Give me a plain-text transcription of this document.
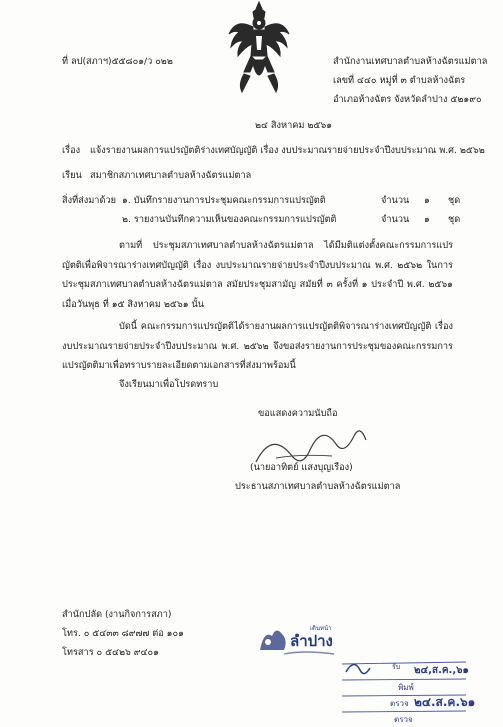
ที่ ลป(สภาฯ)๕๕๘๐๑/ว ๐๒๒	สำนักงานเทศบาลตำบลห้างฉัตรแม่ตาล
เลขที่ ๔๔๐ หมู่ที่ ๓ ตำบลห้างฉัตร
อำเภอห้างฉัตร จังหวัดลำปาง ๕๒๑๙๐
๒๔ สิงหาคม ๒๕๖๑
เรื่อง แจ้งรายงานผลการแปรญัตติร่างเทศบัญญัติ เรื่อง งบประมาณรายจ่ายประจำปีงบประมาณ พ.ศ. ๒๕๖๒
เรียน สมาชิกสภาเทศบาลตำบลห้างฉัตรแม่ตาล
สิ่งที่ส่งมาด้วย ๑. บันทึกรายงานการประชุมคณะกรรมการแปรญัตติ	จำนวน ๑ ชุด
๒. รายงานบันทึกความเห็นของคณะกรรมการแปรญัตติ	จำนวน ๑ ชุด
ตามที่ ประชุมสภาเทศบาลตำบลห้างฉัตรแม่ตาล ได้มีมติแต่งตั้งคณะกรรมการแปรญัตติเพื่อพิจารณาร่างเทศบัญญัติ เรื่อง งบประมาณรายจ่ายประจำปีงบประมาณ พ.ศ. ๒๕๖๒ ในการประชุมสภาเทศบาลตำบลห้างฉัตรแม่ตาล สมัยประชุมสามัญ สมัยที่ ๓ ครั้งที่ ๑ ประจำปี พ.ศ. ๒๕๖๑ เมื่อวันพุธ ที่ ๑๕ สิงหาคม ๒๕๖๑ นั้น
บัดนี้ คณะกรรมการแปรญัตติได้รายงานผลการแปรญัตติพิจารณาร่างเทศบัญญัติ เรื่อง งบประมาณรายจ่ายประจำปีงบประมาณ พ.ศ. ๒๕๖๒ จึงขอส่งรายงานการประชุมของคณะกรรมการแปรญัตติมาเพื่อทราบรายละเอียดตามเอกสารที่ส่งมาพร้อมนี้
จึงเรียนมาเพื่อโปรดทราบ
ขอแสดงความนับถือ
(นายอาทิตย์ แสงบุญเรือง)
ประธานสภาเทศบาลตำบลห้างฉัตรแม่ตาล
สำนักปลัด (งานกิจการสภา)
โทร. ๐ ๕๔๓๓ ๘๙๗๗ ต่อ ๑๐๑
โทรสาร ๐ ๕๔๒๖ ๙๔๐๑
ลำปาง
เดินหน้า
รับ ๒๔,ส.ค.,๖๑
พิมพ์
ตรวจ ๒๔.ส.ค.๖๑
ตรวจ
